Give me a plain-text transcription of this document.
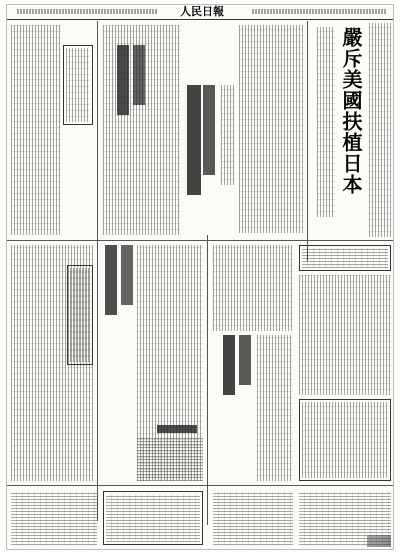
人民日報
嚴斥美國扶植日本
